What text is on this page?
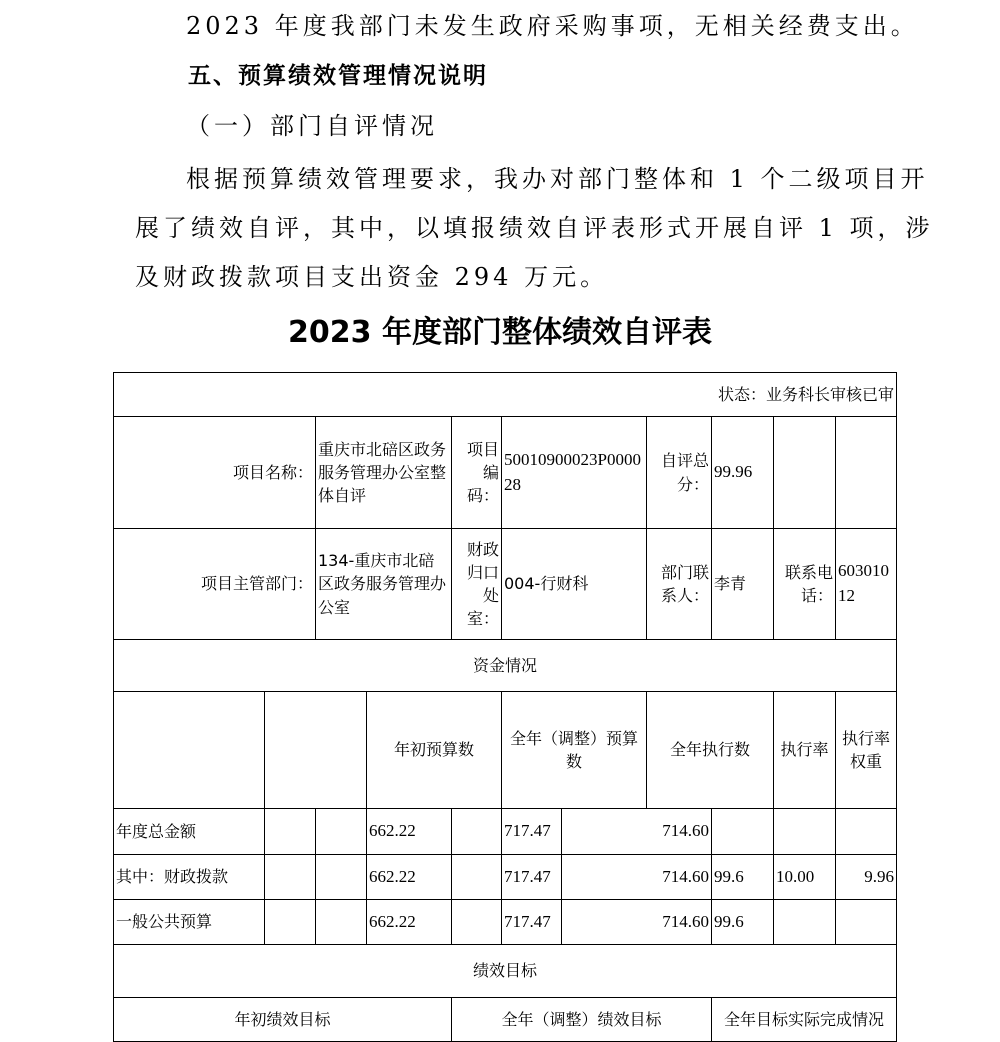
2023 年度我部门未发生政府采购事项，无相关经费支出。
五、预算绩效管理情况说明
（一）部门自评情况
根据预算绩效管理要求，我办对部门整体和 1 个二级项目开
展了绩效自评，其中，以填报绩效自评表形式开展自评 1 项，涉
及财政拨款项目支出资金 294 万元。
2023 年度部门整体绩效自评表
状态：业务科长审核已审											
项目名称：		重庆市北碚区政务服务管理办公室整体自评		项目编码：	50010900023P000028		自评总分：	99.96			
项目主管部门：		134-重庆市北碚区政务服务管理办公室		财政归口处室：	004-行财科		部门联系人：	李青	联系电话：	60301012	
资金情况											
			年初预算数		全年（调整）预算数		全年执行数		执行率	执行率权重	
年度总金额			662.22		717.47	714.60					
其中：财政拨款			662.22		717.47	714.60		99.6	10.00	9.96	
一般公共预算			662.22		717.47	714.60		99.6			
绩效目标											
年初绩效目标				全年（调整）绩效目标				全年目标实际完成情况			
